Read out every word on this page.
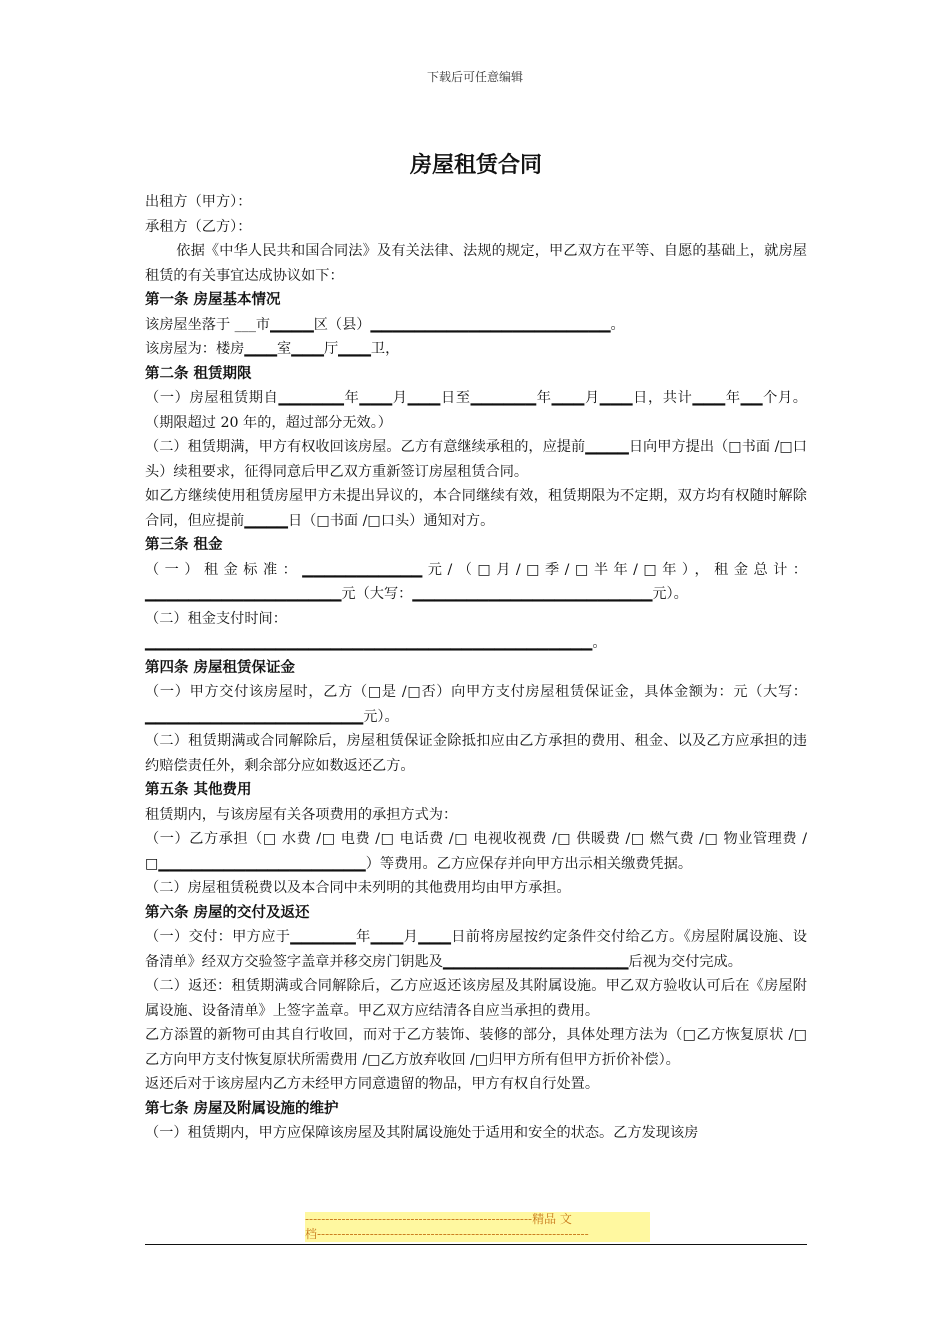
下载后可任意编辑
房屋租赁合同

出租方（甲方）：

承租方（乙方）：

依据《中华人民共和国合同法》及有关法律、法规的规定，甲乙双方在平等、自愿的基础上，就房屋租赁的有关事宜达成协议如下：

第一条 房屋基本情况

该房屋坐落于 ___市▁▁▁▁区（县）▁▁▁▁▁▁▁▁▁▁▁▁▁▁▁▁▁▁▁▁▁▁。

该房屋为：楼房▁▁▁室▁▁▁厅▁▁▁卫，

第二条 租赁期限

（一）房屋租赁期自▁▁▁▁▁▁年▁▁▁月▁▁▁日至▁▁▁▁▁▁年▁▁▁月▁▁▁日，共计▁▁▁年▁▁个月。（期限超过 20 年的，超过部分无效。）

（二）租赁期满，甲方有权收回该房屋。乙方有意继续承租的，应提前▁▁▁▁日向甲方提出（□书面 /□口头）续租要求，征得同意后甲乙双方重新签订房屋租赁合同。

如乙方继续使用租赁房屋甲方未提出异议的，本合同继续有效，租赁期限为不定期，双方均有权随时解除合同，但应提前▁▁▁▁日（□书面 /□口头）通知对方。

第三条 租金

（一）租金标准：▁▁▁▁▁▁▁▁▁▁▁元/（□月/□季/□半年/□年），租金总计：▁▁▁▁▁▁▁▁▁▁▁▁▁▁▁▁▁▁元（大写：▁▁▁▁▁▁▁▁▁▁▁▁▁▁▁▁▁▁▁▁▁▁元）。

（二）租金支付时间：

▁▁▁▁▁▁▁▁▁▁▁▁▁▁▁▁▁▁▁▁▁▁▁▁▁▁▁▁▁▁▁▁▁▁▁▁▁▁▁▁▁。

第四条 房屋租赁保证金

（一）甲方交付该房屋时，乙方（□是 /□否）向甲方支付房屋租赁保证金，具体金额为：元（大写：▁▁▁▁▁▁▁▁▁▁▁▁▁▁▁▁▁▁▁▁元）。

（二）租赁期满或合同解除后，房屋租赁保证金除抵扣应由乙方承担的费用、租金、以及乙方应承担的违约赔偿责任外，剩余部分应如数返还乙方。

第五条 其他费用

租赁期内，与该房屋有关各项费用的承担方式为：

（一）乙方承担（□ 水费 /□ 电费 /□ 电话费 /□ 电视收视费 /□ 供暖费 /□ 燃气费 /□ 物业管理费 /□▁▁▁▁▁▁▁▁▁▁▁▁▁▁▁▁▁▁▁）等费用。乙方应保存并向甲方出示相关缴费凭据。

（二）房屋租赁税费以及本合同中未列明的其他费用均由甲方承担。

第六条 房屋的交付及返还

（一）交付：甲方应于▁▁▁▁▁▁年▁▁▁月▁▁▁日前将房屋按约定条件交付给乙方。《房屋附属设施、设备清单》经双方交验签字盖章并移交房门钥匙及▁▁▁▁▁▁▁▁▁▁▁▁▁▁▁▁▁后视为交付完成。

（二）返还：租赁期满或合同解除后，乙方应返还该房屋及其附属设施。甲乙双方验收认可后在《房屋附属设施、设备清单》上签字盖章。甲乙双方应结清各自应当承担的费用。

乙方添置的新物可由其自行收回，而对于乙方装饰、装修的部分，具体处理方法为（□乙方恢复原状 /□ 乙方向甲方支付恢复原状所需费用 /□乙方放弃收回 /□归甲方所有但甲方折价补偿）。

返还后对于该房屋内乙方未经甲方同意遗留的物品，甲方有权自行处置。

第七条 房屋及附属设施的维护

（一）租赁期内，甲方应保障该房屋及其附属设施处于适用和安全的状态。乙方发现该房

--------------------------------------------------------精品 文
档-------------------------------------------------------------------
